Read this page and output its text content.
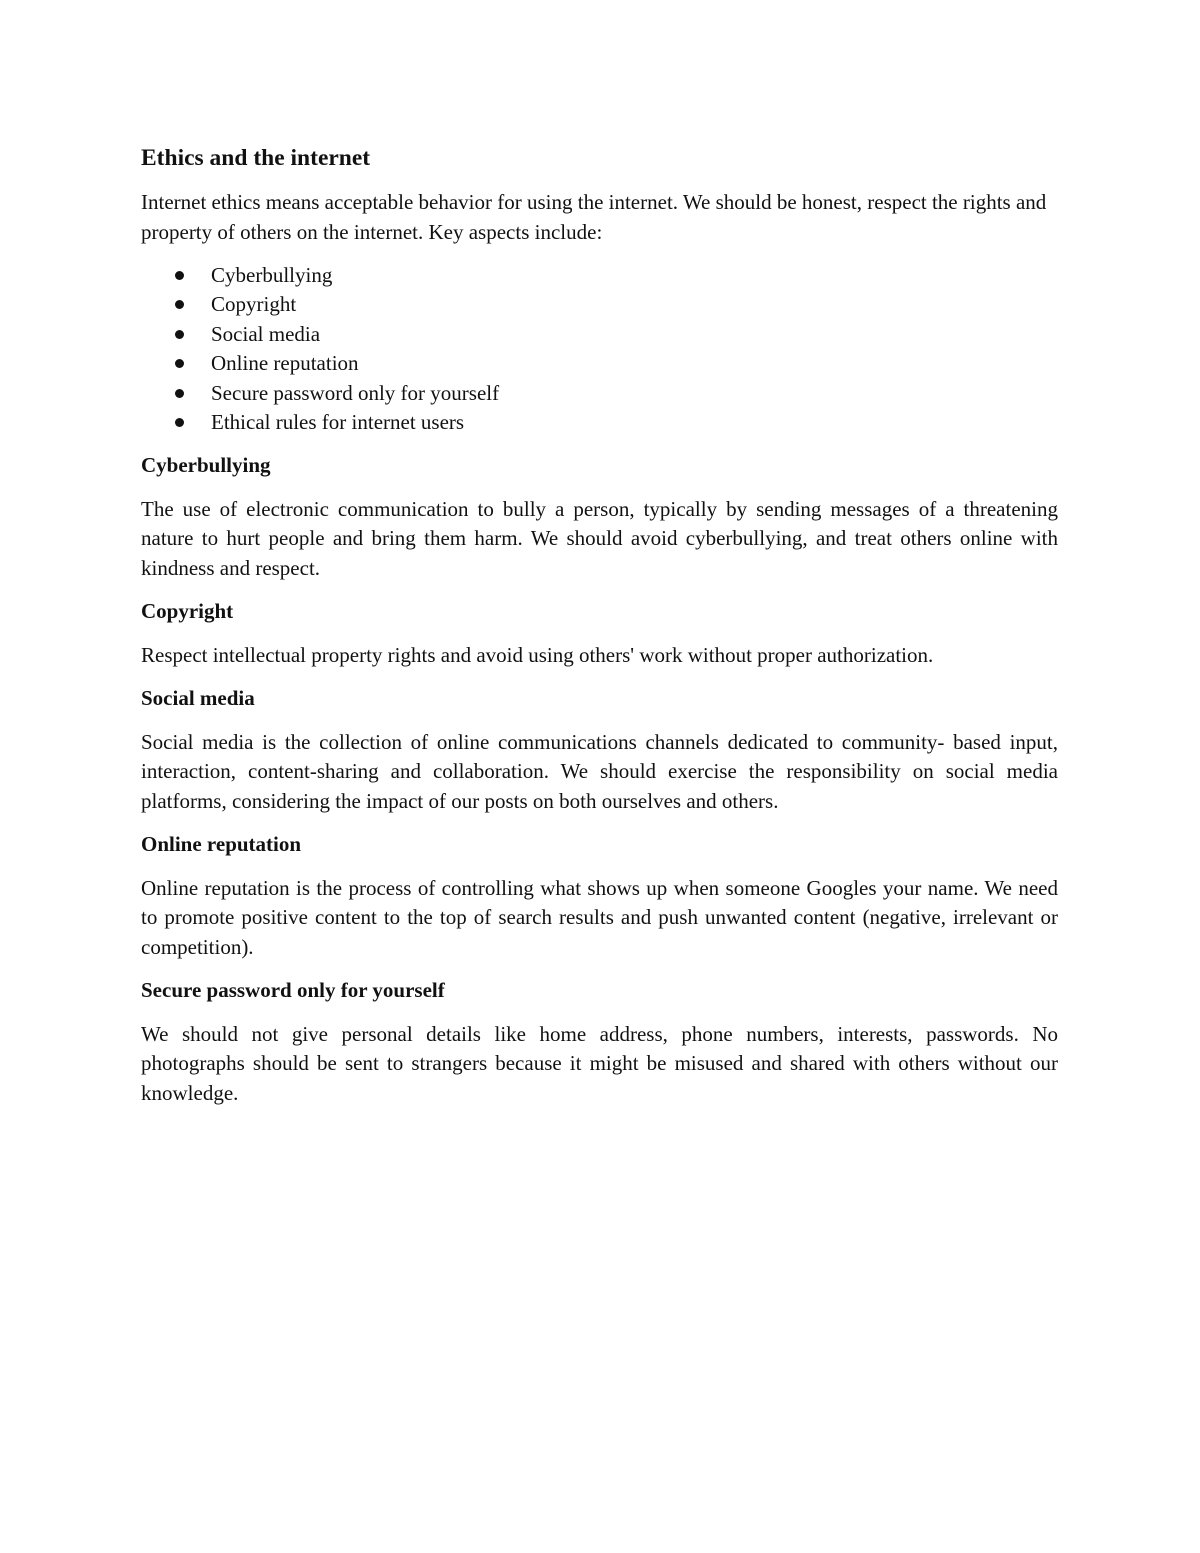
Ethics and the internet

Internet ethics means acceptable behavior for using the internet. We should be honest, respect the rights and property of others on the internet. Key aspects include:

Cyberbullying
Copyright
Social media
Online reputation
Secure password only for yourself
Ethical rules for internet users
Cyberbullying

The use of electronic communication to bully a person, typically by sending messages of a threatening nature to hurt people and bring them harm. We should avoid cyberbullying, and treat others online with kindness and respect.

Copyright

Respect intellectual property rights and avoid using others' work without proper authorization.

Social media

Social media is the collection of online communications channels dedicated to community- based input, interaction, content-sharing and collaboration. We should exercise the responsibility on social media platforms, considering the impact of our posts on both ourselves and others.

Online reputation

Online reputation is the process of controlling what shows up when someone Googles your name. We need to promote positive content to the top of search results and push unwanted content (negative, irrelevant or competition).

Secure password only for yourself

We should not give personal details like home address, phone numbers, interests, passwords. No photographs should be sent to strangers because it might be misused and shared with others without our knowledge.
